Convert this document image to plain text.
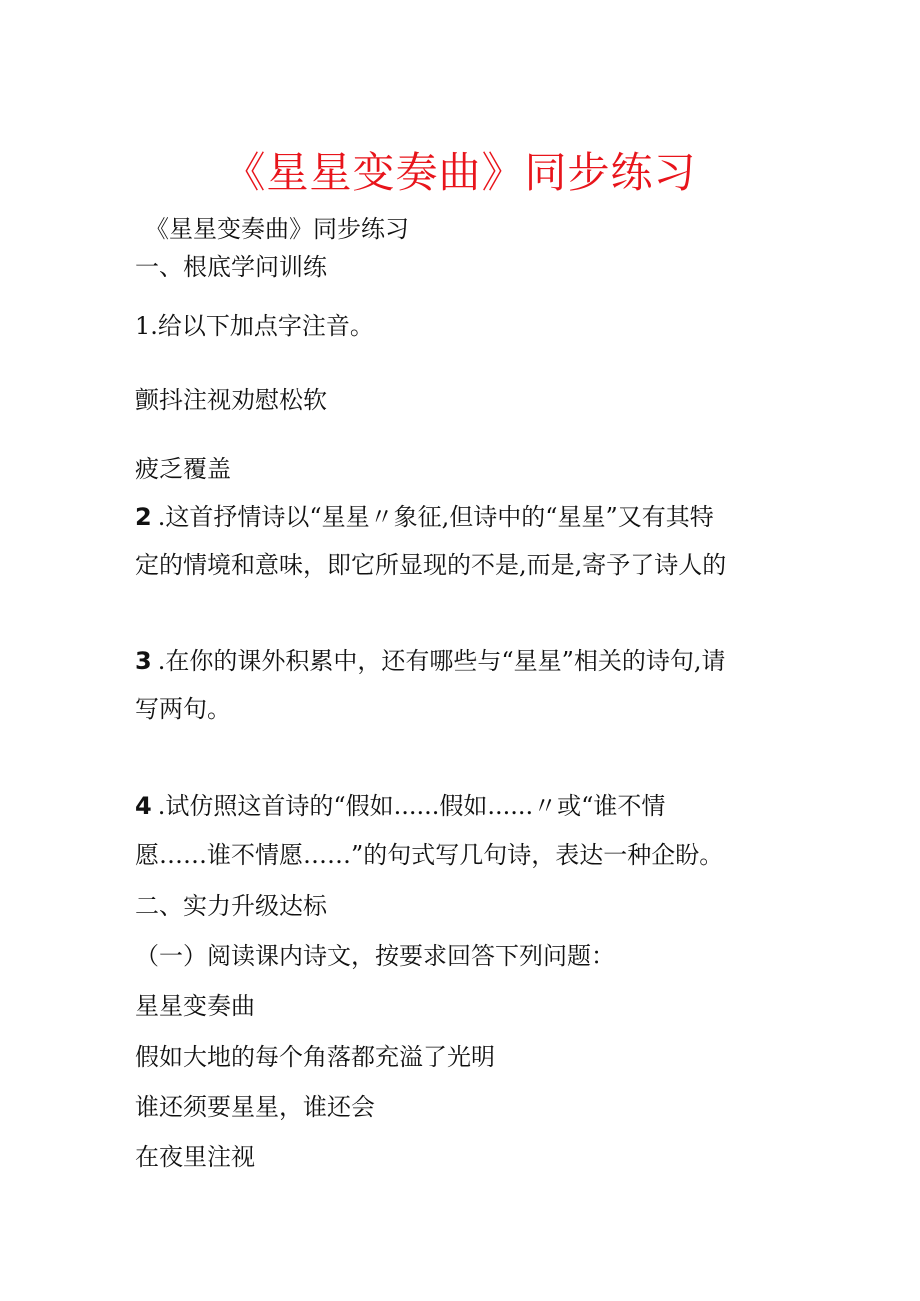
《星星变奏曲》同步练习
《星星变奏曲》同步练习
一、根底学问训练
1.给以下加点字注音。
颤抖注视劝慰松软
疲乏覆盖
2 .这首抒情诗以“星星〃象征,但诗中的“星星”又有其特
定的情境和意味，即它所显现的不是,而是,寄予了诗人的
3 .在你的课外积累中，还有哪些与“星星”相关的诗句,请
写两句。
4 .试仿照这首诗的“假如......假如......〃或“谁不情
愿……谁不情愿……”的句式写几句诗，表达一种企盼。
二、实力升级达标
（一）阅读课内诗文，按要求回答下列问题：
星星变奏曲
假如大地的每个角落都充溢了光明
谁还须要星星，谁还会
在夜里注视
